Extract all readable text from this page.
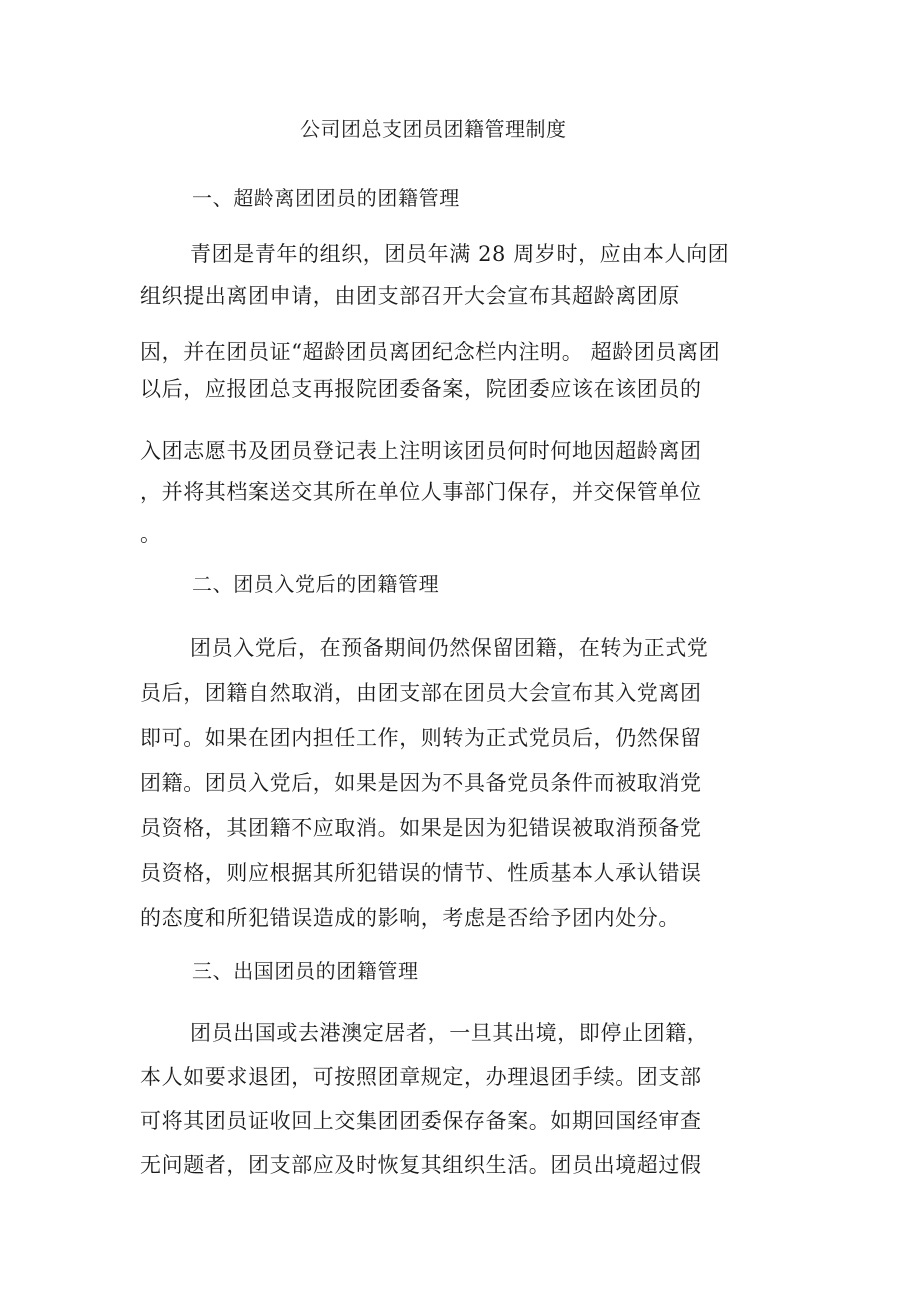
公司团总支团员团籍管理制度
一、超龄离团团员的团籍管理
青团是青年的组织，团员年满 28 周岁时，应由本人向团
组织提出离团申请，由团支部召开大会宣布其超龄离团原
因，并在团员证“超龄团员离团纪念栏内注明。 超龄团员离团
以后，应报团总支再报院团委备案，院团委应该在该团员的
入团志愿书及团员登记表上注明该团员何时何地因超龄离团
，并将其档案送交其所在单位人事部门保存，并交保管单位
。
二、团员入党后的团籍管理
团员入党后，在预备期间仍然保留团籍，在转为正式党
员后，团籍自然取消，由团支部在团员大会宣布其入党离团
即可。如果在团内担任工作，则转为正式党员后，仍然保留
团籍。团员入党后，如果是因为不具备党员条件而被取消党
员资格，其团籍不应取消。如果是因为犯错误被取消预备党
员资格，则应根据其所犯错误的情节、性质基本人承认错误
的态度和所犯错误造成的影响，考虑是否给予团内处分。
三、出国团员的团籍管理
团员出国或去港澳定居者，一旦其出境，即停止团籍，
本人如要求退团，可按照团章规定，办理退团手续。团支部
可将其团员证收回上交集团团委保存备案。如期回国经审查
无问题者，团支部应及时恢复其组织生活。团员出境超过假
